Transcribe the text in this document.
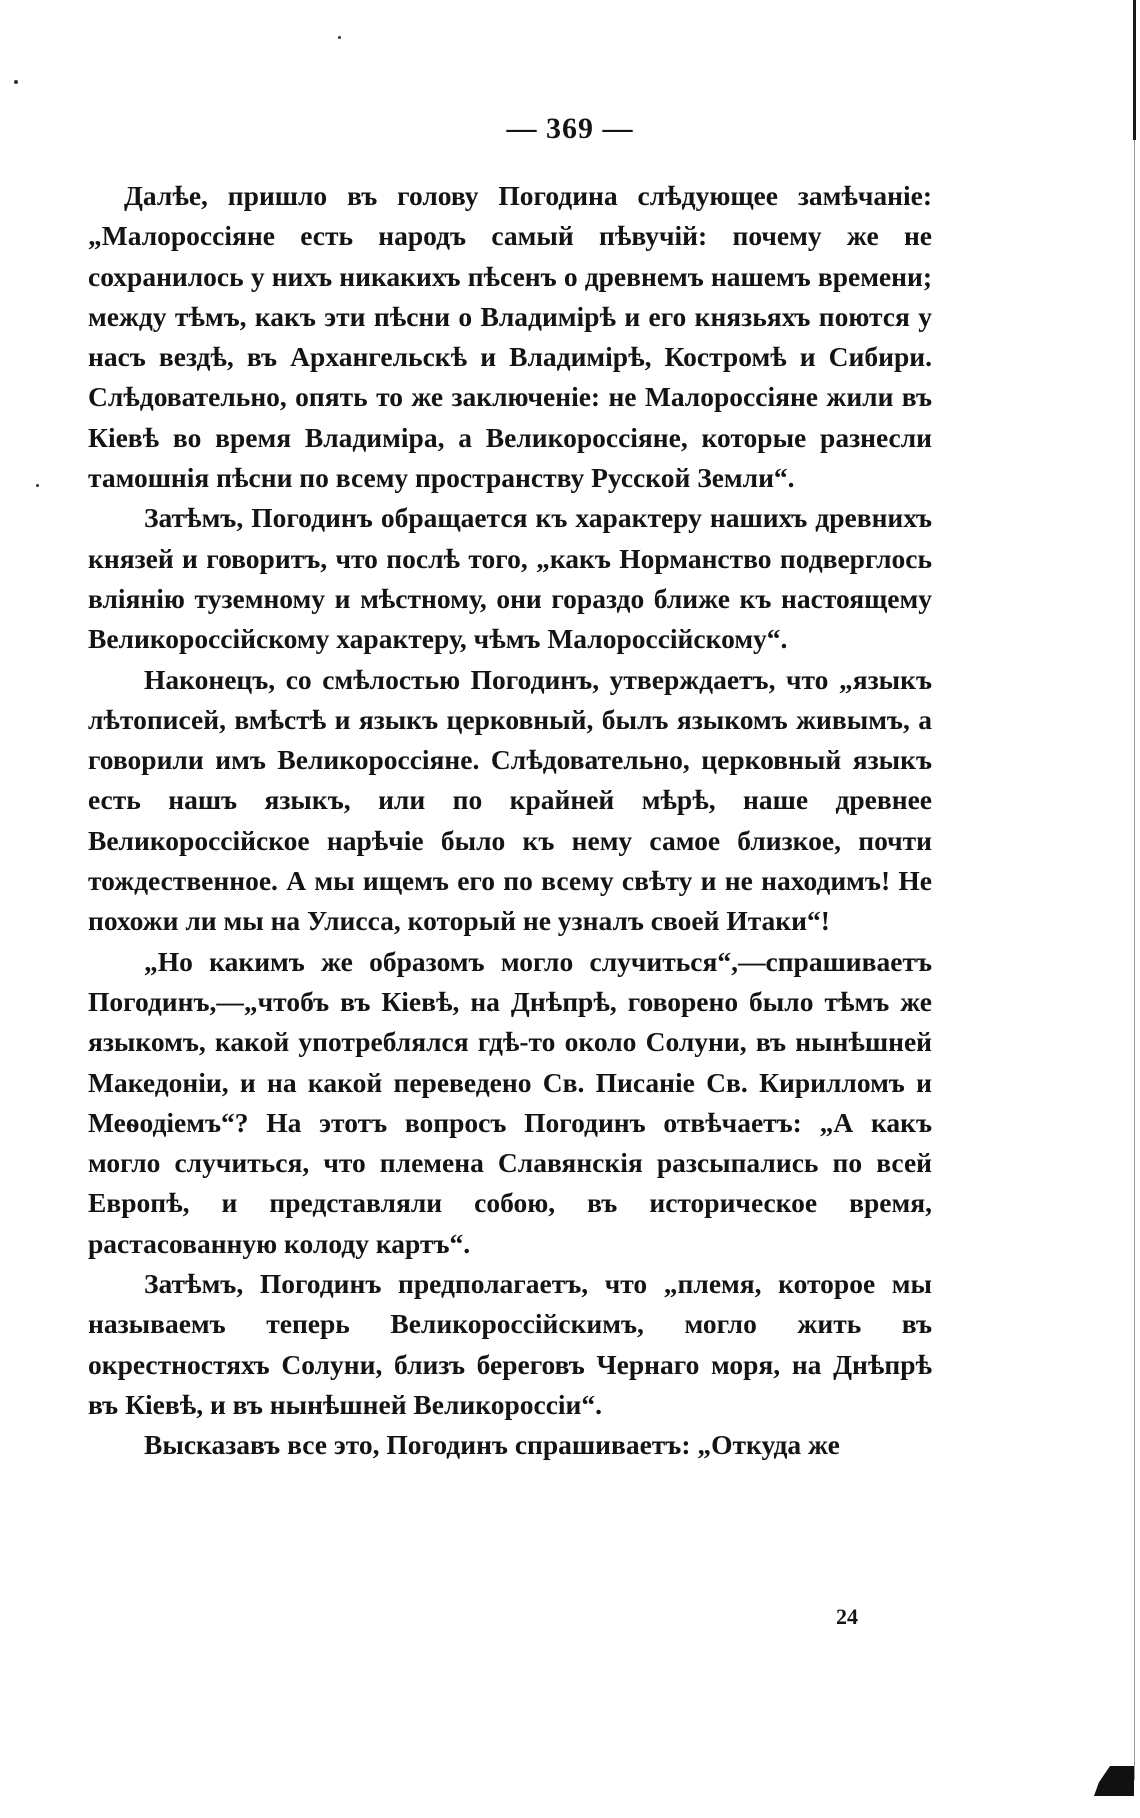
— 369 —

Далѣе, пришло въ голову Погодина слѣдующее замѣчаніе: „Малороссіяне есть народъ самый пѣвучій: почему же не сохранилось у нихъ никакихъ пѣсенъ о древнемъ нашемъ времени; между тѣмъ, какъ эти пѣсни о Владимірѣ и его князьяхъ поются у насъ вездѣ, въ Архангельскѣ и Владимірѣ, Костромѣ и Сибири. Слѣдовательно, опять то же заключеніе: не Малороссіяне жили въ Кіевѣ во время Владиміра, а Великороссіяне, которые разнесли тамошнія пѣсни по всему пространству Русской Земли“.

Затѣмъ, Погодинъ обращается къ характеру нашихъ древнихъ князей и говоритъ, что послѣ того, „какъ Норманство подверглось вліянію туземному и мѣстному, они гораздо ближе къ настоящему Великороссійскому характеру, чѣмъ Малороссійскому“.

Наконецъ, со смѣлостью Погодинъ, утверждаетъ, что „языкъ лѣтописей, вмѣстѣ и языкъ церковный, былъ языкомъ живымъ, а говорили имъ Великороссіяне. Слѣдовательно, церковный языкъ есть нашъ языкъ, или по крайней мѣрѣ, наше древнее Великороссійское нарѣчіе было къ нему самое близкое, почти тождественное. А мы ищемъ его по всему свѣту и не находимъ! Не похожи ли мы на Улисса, который не узналъ своей Итаки“!

„Но какимъ же образомъ могло случиться“,—спрашиваетъ Погодинъ,—„чтобъ въ Кіевѣ, на Днѣпрѣ, говорено было тѣмъ же языкомъ, какой употреблялся гдѣ-то около Солуни, въ нынѣшней Македоніи, и на какой переведено Св. Писаніе Св. Кирилломъ и Меѳодіемъ“? На этотъ вопросъ Погодинъ отвѣчаетъ: „А какъ могло случиться, что племена Славянскія разсыпались по всей Европѣ, и представляли собою, въ историческое время, растасованную колоду картъ“.

Затѣмъ, Погодинъ предполагаетъ, что „племя, которое мы называемъ теперь Великороссійскимъ, могло жить въ окрестностяхъ Солуни, близъ береговъ Чернаго моря, на Днѣпрѣ въ Кіевѣ, и въ нынѣшней Великороссіи“.

Высказавъ все это, Погодинъ спрашиваетъ: „Откуда же

24
